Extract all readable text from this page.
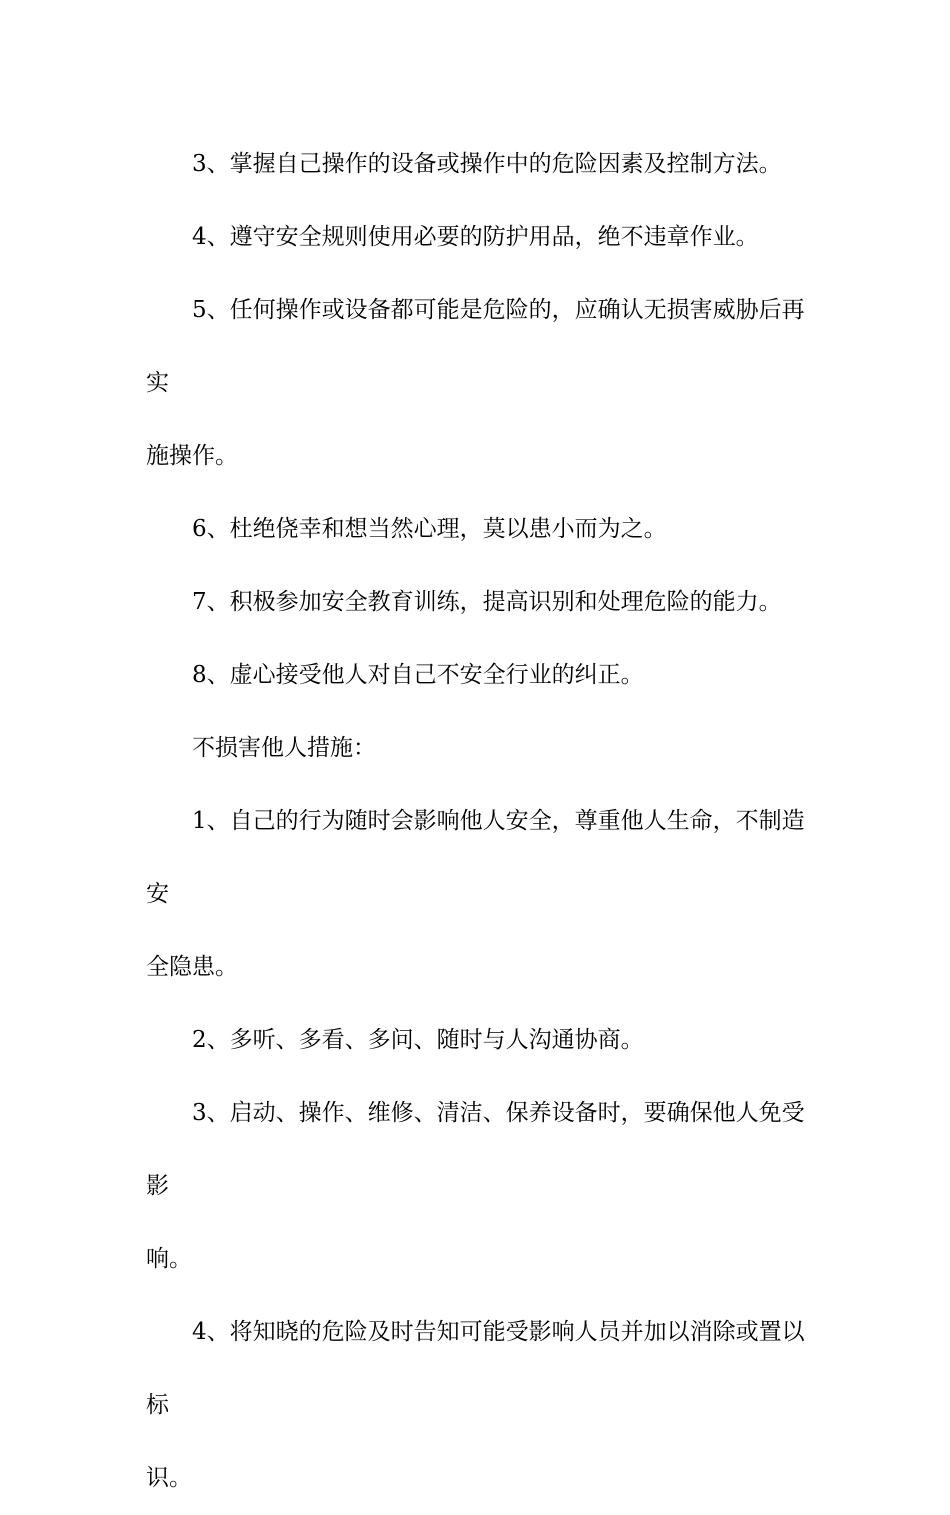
3、掌握自己操作的设备或操作中的危险因素及控制方法。

4、遵守安全规则使用必要的防护用品，绝不违章作业。

5、任何操作或设备都可能是危险的，应确认无损害威胁后再实
施操作。

6、杜绝侥幸和想当然心理，莫以患小而为之。

7、积极参加安全教育训练，提高识别和处理危险的能力。

8、虚心接受他人对自己不安全行业的纠正。

不损害他人措施：

1、自己的行为随时会影响他人安全，尊重他人生命，不制造安
全隐患。

2、多听、多看、多问、随时与人沟通协商。

3、启动、操作、维修、清洁、保养设备时，要确保他人免受影
响。

4、将知晓的危险及时告知可能受影响人员并加以消除或置以标
识。
